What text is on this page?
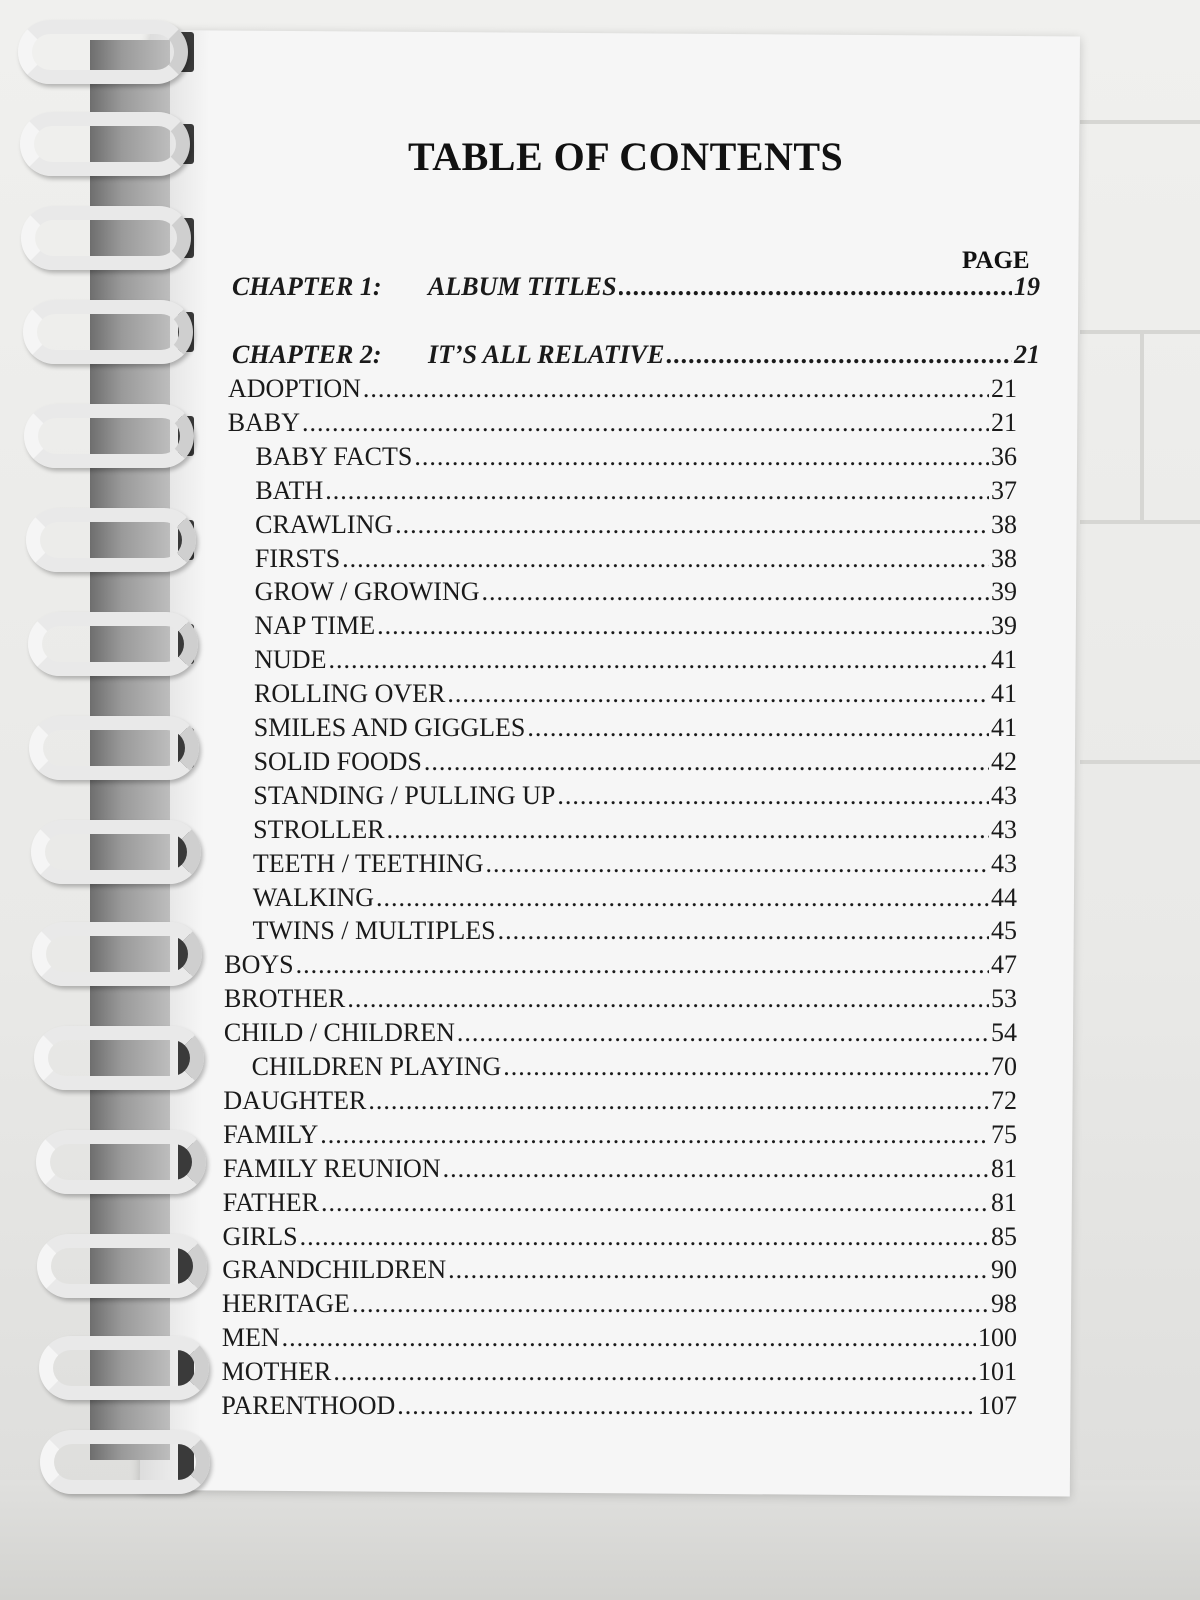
TABLE OF CONTENTS
PAGE
CHAPTER 1: ALBUM TITLES .....	19
CHAPTER 2: IT’S ALL RELATIVE .....	21
ADOPTION .....	21
BABY .....	21
BABY FACTS .....	36
BATH .....	37
CRAWLING .....	38
FIRSTS .....	38
GROW / GROWING .....	39
NAP TIME .....	39
NUDE .....	41
ROLLING OVER .....	41
SMILES AND GIGGLES .....	41
SOLID FOODS .....	42
STANDING / PULLING UP .....	43
STROLLER .....	43
TEETH / TEETHING .....	43
WALKING .....	44
TWINS / MULTIPLES .....	45
BOYS .....	47
BROTHER .....	53
CHILD / CHILDREN .....	54
CHILDREN PLAYING .....	70
DAUGHTER .....	72
FAMILY .....	75
FAMILY REUNION .....	81
FATHER .....	81
GIRLS .....	85
GRANDCHILDREN .....	90
HERITAGE .....	98
MEN .....	100
MOTHER .....	101
PARENTHOOD .....	107
